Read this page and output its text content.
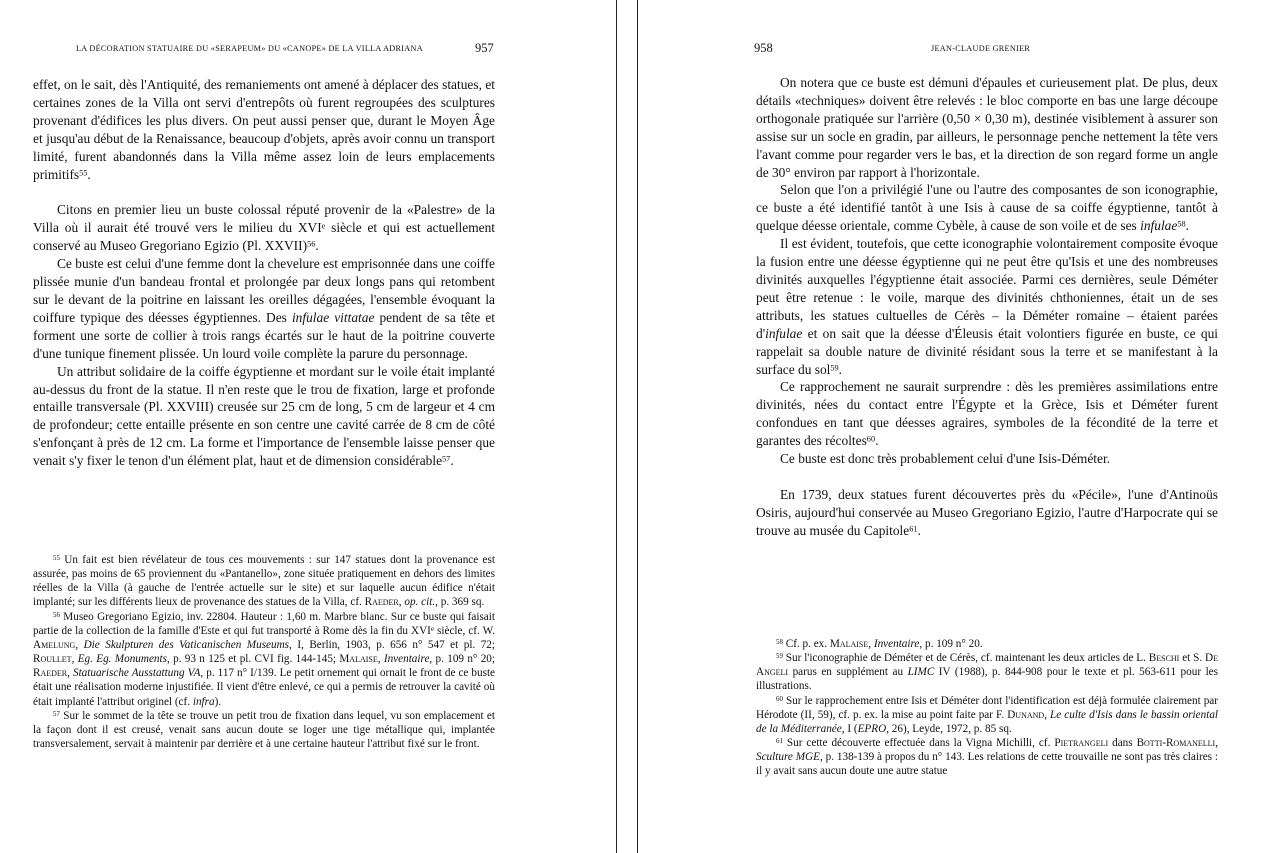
LA DÉCORATION STATUAIRE DU «SERAPEUM» DU «CANOPE» DE LA VILLA ADRIANA	957

effet, on le sait, dès l'Antiquité, des remaniements ont amené à déplacer des statues, et certaines zones de la Villa ont servi d'entrepôts où furent regroupées des sculptures provenant d'édifices les plus divers. On peut aussi penser que, durant le Moyen Âge et jusqu'au début de la Renaissance, beaucoup d'objets, après avoir connu un transport limité, furent abandonnés dans la Villa même assez loin de leurs emplacements primitifs$^{55}$.

Citons en premier lieu un buste colossal réputé provenir de la «Palestre» de la Villa où il aurait été trouvé vers le milieu du XVIe siècle et qui est actuellement conservé au Museo Gregoriano Egizio (Pl. XXVII)$^{56}$.

Ce buste est celui d'une femme dont la chevelure est emprisonnée dans une coiffe plissée munie d'un bandeau frontal et prolongée par deux longs pans qui retombent sur le devant de la poitrine en laissant les oreilles dégagées, l'ensemble évoquant la coiffure typique des déesses égyptiennes. Des infulae vittatae pendent de sa tête et forment une sorte de collier à trois rangs écartés sur le haut de la poitrine couverte d'une tunique finement plissée. Un lourd voile complète la parure du personnage.

Un attribut solidaire de la coiffe égyptienne et mordant sur le voile était implanté au-dessus du front de la statue. Il n'en reste que le trou de fixation, large et profonde entaille transversale (Pl. XXVIII) creusée sur 25 cm de long, 5 cm de largeur et 4 cm de profondeur; cette entaille présente en son centre une cavité carrée de 8 cm de côté s'enfonçant à près de 12 cm. La forme et l'importance de l'ensemble laisse penser que venait s'y fixer le tenon d'un élément plat, haut et de dimension considérable$^{57}$.

$^{55}$ Un fait est bien révélateur de tous ces mouvements : sur 147 statues dont la provenance est assurée, pas moins de 65 proviennent du «Pantanello», zone située pratiquement en dehors des limites réelles de la Villa (à gauche de l'entrée actuelle sur le site) et sur laquelle aucun édifice n'était implanté; sur les différents lieux de provenance des statues de la Villa, cf. Raeder, op. cit., p. 369 sq.

$^{56}$ Museo Gregoriano Egizio, inv. 22804. Hauteur : 1,60 m. Marbre blanc. Sur ce buste qui faisait partie de la collection de la famille d'Este et qui fut transporté à Rome dès la fin du XVIe siècle, cf. W. Amelung, Die Skulpturen des Vaticanischen Museums, I, Berlin, 1903, p. 656 n° 547 et pl. 72; Roullet, Eg. Eg. Monuments, p. 93 n 125 et pl. CVI fig. 144-145; Malaise, Inventaire, p. 109 n° 20; Raeder, Statuarische Ausstattung VA, p. 117 n° I/139. Le petit ornement qui ornait le front de ce buste était une réalisation moderne injustifiée. Il vient d'être enlevé, ce qui a permis de retrouver la cavité où était implanté l'attribut originel (cf. infra).

$^{57}$ Sur le sommet de la tête se trouve un petit trou de fixation dans lequel, vu son emplacement et la façon dont il est creusé, venait sans aucun doute se loger une tige métallique qui, implantée transversalement, servait à maintenir par derrière et à une certaine hauteur l'attribut fixé sur le front.

958	JEAN-CLAUDE GRENIER

On notera que ce buste est démuni d'épaules et curieusement plat. De plus, deux détails «techniques» doivent être relevés : le bloc comporte en bas une large découpe orthogonale pratiquée sur l'arrière (0,50 × 0,30 m), destinée visiblement à assurer son assise sur un socle en gradin, par ailleurs, le personnage penche nettement la tête vers l'avant comme pour regarder vers le bas, et la direction de son regard forme un angle de 30° environ par rapport à l'horizontale.

Selon que l'on a privilégié l'une ou l'autre des composantes de son iconographie, ce buste a été identifié tantôt à une Isis à cause de sa coiffe égyptienne, tantôt à quelque déesse orientale, comme Cybèle, à cause de son voile et de ses infulae$^{58}$.

Il est évident, toutefois, que cette iconographie volontairement composite évoque la fusion entre une déesse égyptienne qui ne peut être qu'Isis et une des nombreuses divinités auxquelles l'égyptienne était associée. Parmi ces dernières, seule Déméter peut être retenue : le voile, marque des divinités chthoniennes, était un de ses attributs, les statues cultuelles de Cérès – la Déméter romaine – étaient parées d'infulae et on sait que la déesse d'Éleusis était volontiers figurée en buste, ce qui rappelait sa double nature de divinité résidant sous la terre et se manifestant à la surface du sol$^{59}$.

Ce rapprochement ne saurait surprendre : dès les premières assimilations entre divinités, nées du contact entre l'Égypte et la Grèce, Isis et Déméter furent confondues en tant que déesses agraires, symboles de la fécondité de la terre et garantes des récoltes$^{60}$.

Ce buste est donc très probablement celui d'une Isis-Déméter.

En 1739, deux statues furent découvertes près du «Pécile», l'une d'Antinoüs Osiris, aujourd'hui conservée au Museo Gregoriano Egizio, l'autre d'Harpocrate qui se trouve au musée du Capitole$^{61}$.

$^{58}$ Cf. p. ex. Malaise, Inventaire, p. 109 n° 20.

$^{59}$ Sur l'iconographie de Déméter et de Cérès, cf. maintenant les deux articles de L. Beschi et S. De Angeli parus en supplément au LIMC IV (1988), p. 844-908 pour le texte et pl. 563-611 pour les illustrations.

$^{60}$ Sur le rapprochement entre Isis et Déméter dont l'identification est déjà formulée clairement par Hérodote (II, 59), cf. p. ex. la mise au point faite par F. Dunand, Le culte d'Isis dans le bassin oriental de la Méditerranée, I (EPRO, 26), Leyde, 1972, p. 85 sq.

$^{61}$ Sur cette découverte effectuée dans la Vigna Michilli, cf. Pietrangeli dans Botti-Romanelli, Sculture MGE, p. 138-139 à propos du n° 143. Les relations de cette trouvaille ne sont pas très claires : il y avait sans aucun doute une autre statue
